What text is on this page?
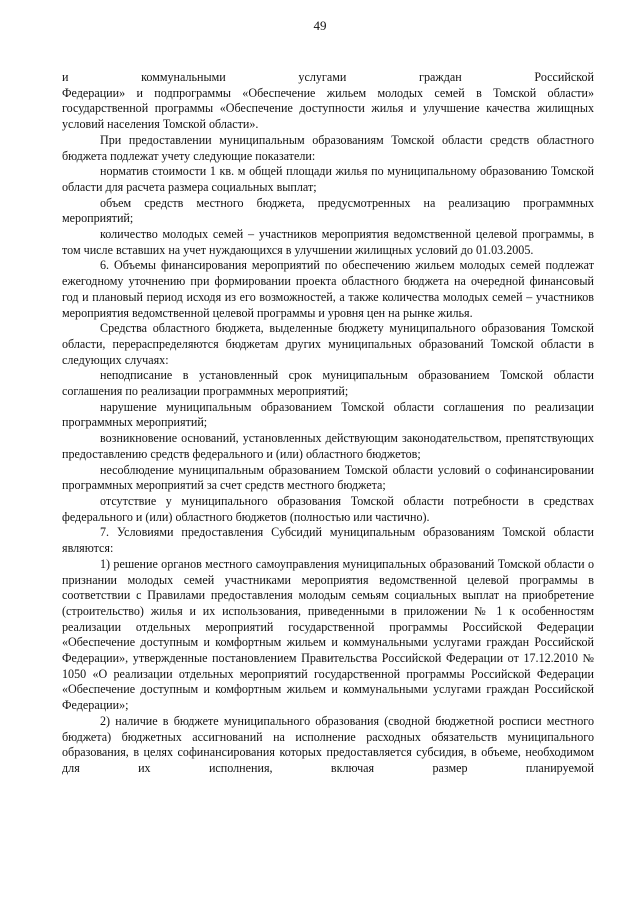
49

и коммунальными услугами граждан Российской

Федерации» и подпрограммы «Обеспечение жильем молодых семей в Томской области» государственной программы «Обеспечение доступности жилья и улучшение качества жилищных условий населения Томской области».

При предоставлении муниципальным образованиям Томской области средств областного бюджета подлежат учету следующие показатели:

норматив стоимости 1 кв. м общей площади жилья по муниципальному образованию Томской области для расчета размера социальных выплат;

объем средств местного бюджета, предусмотренных на реализацию программных мероприятий;

количество молодых семей – участников мероприятия ведомственной целевой программы, в том числе вставших на учет нуждающихся в улучшении жилищных условий до 01.03.2005.

6. Объемы финансирования мероприятий по обеспечению жильем молодых семей подлежат ежегодному уточнению при формировании проекта областного бюджета на очередной финансовый год и плановый период исходя из его возможностей, а также количества молодых семей – участников мероприятия ведомственной целевой программы и уровня цен на рынке жилья.

Средства областного бюджета, выделенные бюджету муниципального образования Томской области, перераспределяются бюджетам других муниципальных образований Томской области в следующих случаях:

неподписание в установленный срок муниципальным образованием Томской области соглашения по реализации программных мероприятий;

нарушение муниципальным образованием Томской области соглашения по реализации программных мероприятий;

возникновение оснований, установленных действующим законодательством, препятствующих предоставлению средств федерального и (или) областного бюджетов;

несоблюдение муниципальным образованием Томской области условий о софинансировании программных мероприятий за счет средств местного бюджета;

отсутствие у муниципального образования Томской области потребности в средствах федерального и (или) областного бюджетов (полностью или частично).

7. Условиями предоставления Субсидий муниципальным образованиям Томской области являются:

1) решение органов местного самоуправления муниципальных образований Томской области о признании молодых семей участниками мероприятия ведомственной целевой программы в соответствии с Правилами предоставления молодым семьям социальных выплат на приобретение (строительство) жилья и их использования, приведенными в приложении № 1 к особенностям реализации отдельных мероприятий государственной программы Российской Федерации «Обеспечение доступным и комфортным жильем и коммунальными услугами граждан Российской Федерации», утвержденные постановлением Правительства Российской Федерации от 17.12.2010 № 1050 «О реализации отдельных мероприятий государственной программы Российской Федерации «Обеспечение доступным и комфортным жильем и коммунальными услугами граждан Российской Федерации»;

2) наличие в бюджете муниципального образования (сводной бюджетной росписи местного бюджета) бюджетных ассигнований на исполнение расходных обязательств муниципального образования, в целях софинансирования которых предоставляется субсидия, в объеме, необходимом для их исполнения, включая размер планируемой
